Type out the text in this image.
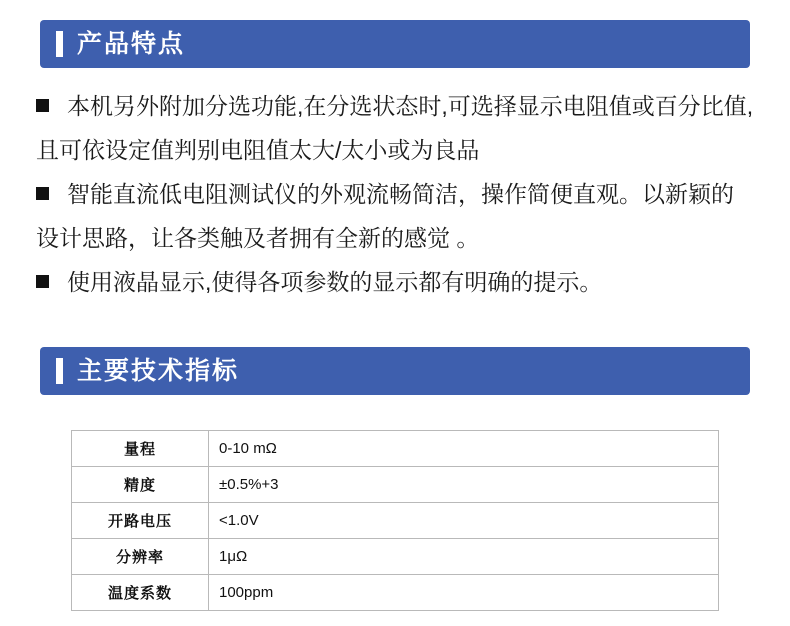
产品特点
本机另外附加分选功能,在分选状态时,可选择显示电阻值或百分比值,且可依设定值判别电阻值太大/太小或为良品
智能直流低电阻测试仪的外观流畅简洁，操作简便直观。以新颖的设计思路，让各类触及者拥有全新的感觉 。
使用液晶显示,使得各项参数的显示都有明确的提示。
主要技术指标
量程	0-10 mΩ
精度	±0.5%+3
开路电压	<1.0V
分辨率	1μΩ
温度系数	100ppm
